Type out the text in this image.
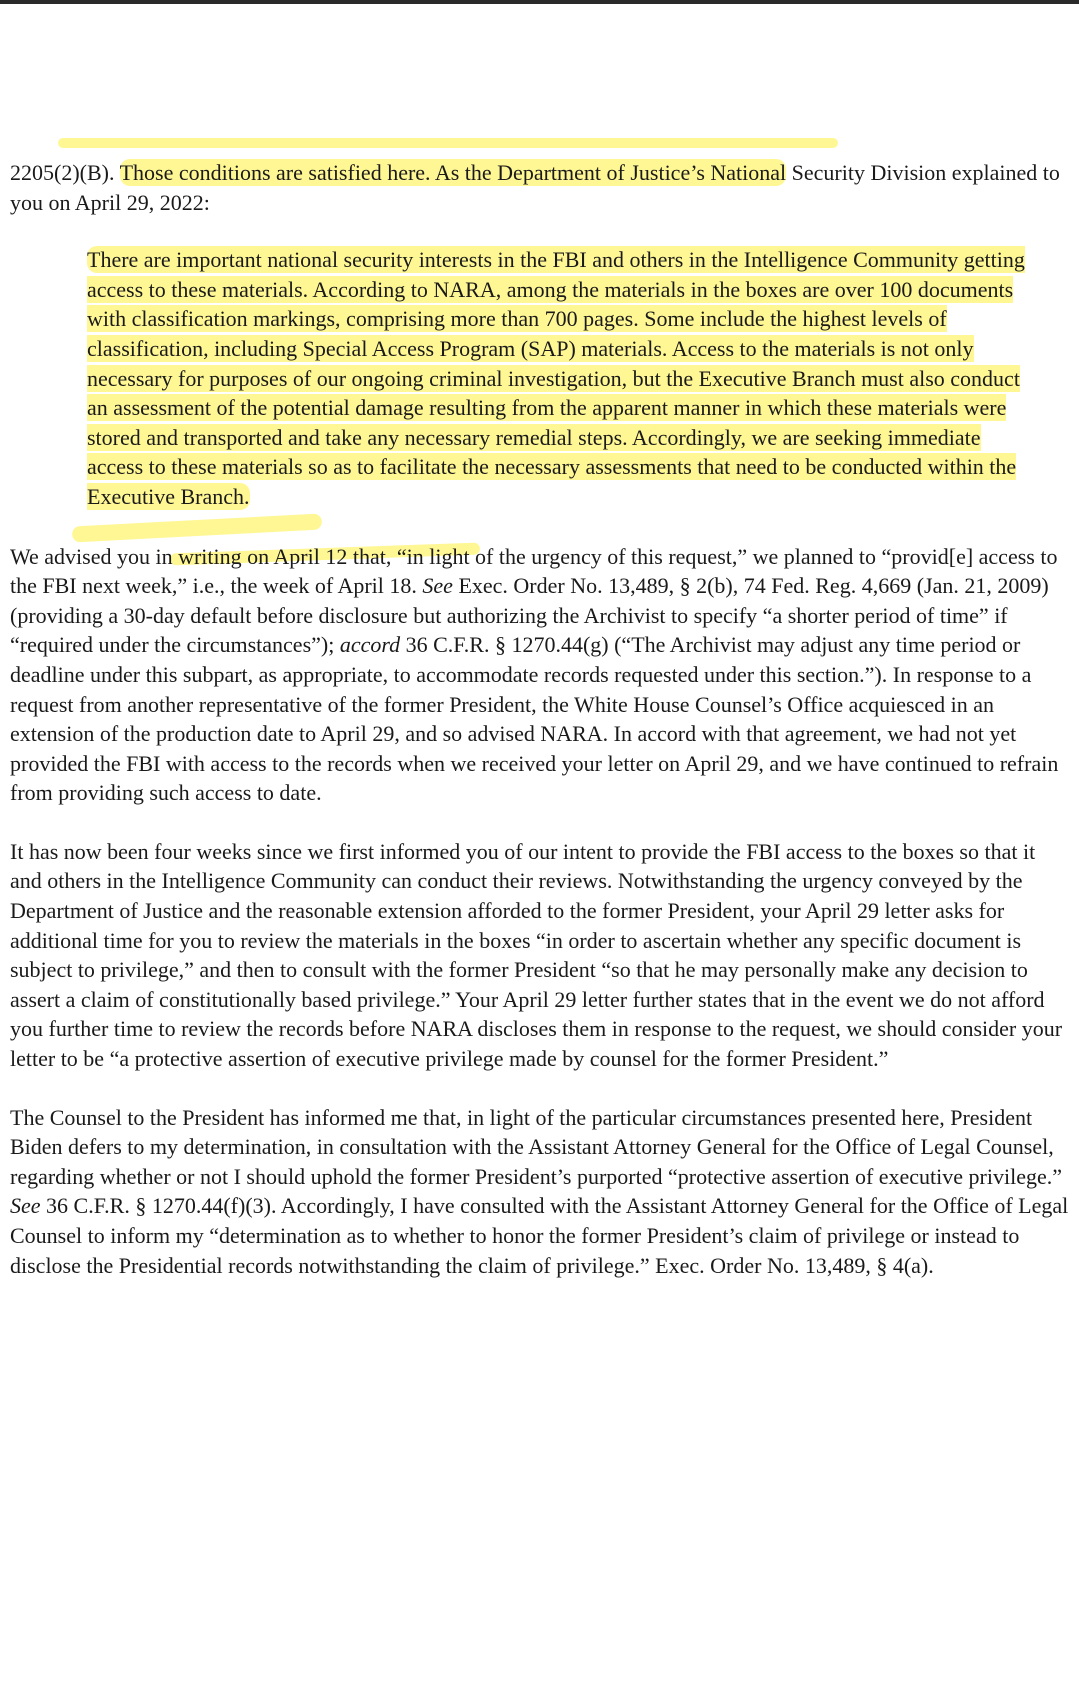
2205(2)(B). Those conditions are satisfied here. As the Department of Justice’s National Security Division explained to you on April 29, 2022:

There are important national security interests in the FBI and others in the Intelligence Community getting access to these materials. According to NARA, among the materials in the boxes are over 100 documents with classification markings, comprising more than 700 pages. Some include the highest levels of classification, including Special Access Program (SAP) materials. Access to the materials is not only necessary for purposes of our ongoing criminal investigation, but the Executive Branch must also conduct an assessment of the potential damage resulting from the apparent manner in which these materials were stored and transported and take any necessary remedial steps. Accordingly, we are seeking immediate access to these materials so as to facilitate the necessary assessments that need to be conducted within the Executive Branch.

We advised you in writing on April 12 that, “in light of the urgency of this request,” we planned to “provid[e] access to the FBI next week,” i.e., the week of April 18. See Exec. Order No. 13,489, § 2(b), 74 Fed. Reg. 4,669 (Jan. 21, 2009) (providing a 30-day default before disclosure but authorizing the Archivist to specify “a shorter period of time” if “required under the circumstances”); accord 36 C.F.R. § 1270.44(g) (“The Archivist may adjust any time period or deadline under this subpart, as appropriate, to accommodate records requested under this section.”). In response to a request from another representative of the former President, the White House Counsel’s Office acquiesced in an extension of the production date to April 29, and so advised NARA. In accord with that agreement, we had not yet provided the FBI with access to the records when we received your letter on April 29, and we have continued to refrain from providing such access to date.

It has now been four weeks since we first informed you of our intent to provide the FBI access to the boxes so that it and others in the Intelligence Community can conduct their reviews. Notwithstanding the urgency conveyed by the Department of Justice and the reasonable extension afforded to the former President, your April 29 letter asks for additional time for you to review the materials in the boxes “in order to ascertain whether any specific document is subject to privilege,” and then to consult with the former President “so that he may personally make any decision to assert a claim of constitutionally based privilege.” Your April 29 letter further states that in the event we do not afford you further time to review the records before NARA discloses them in response to the request, we should consider your letter to be “a protective assertion of executive privilege made by counsel for the former President.”

The Counsel to the President has informed me that, in light of the particular circumstances presented here, President Biden defers to my determination, in consultation with the Assistant Attorney General for the Office of Legal Counsel, regarding whether or not I should uphold the former President’s purported “protective assertion of executive privilege.” See 36 C.F.R. § 1270.44(f)(3). Accordingly, I have consulted with the Assistant Attorney General for the Office of Legal Counsel to inform my “determination as to whether to honor the former President’s claim of privilege or instead to disclose the Presidential records notwithstanding the claim of privilege.” Exec. Order No. 13,489, § 4(a).
